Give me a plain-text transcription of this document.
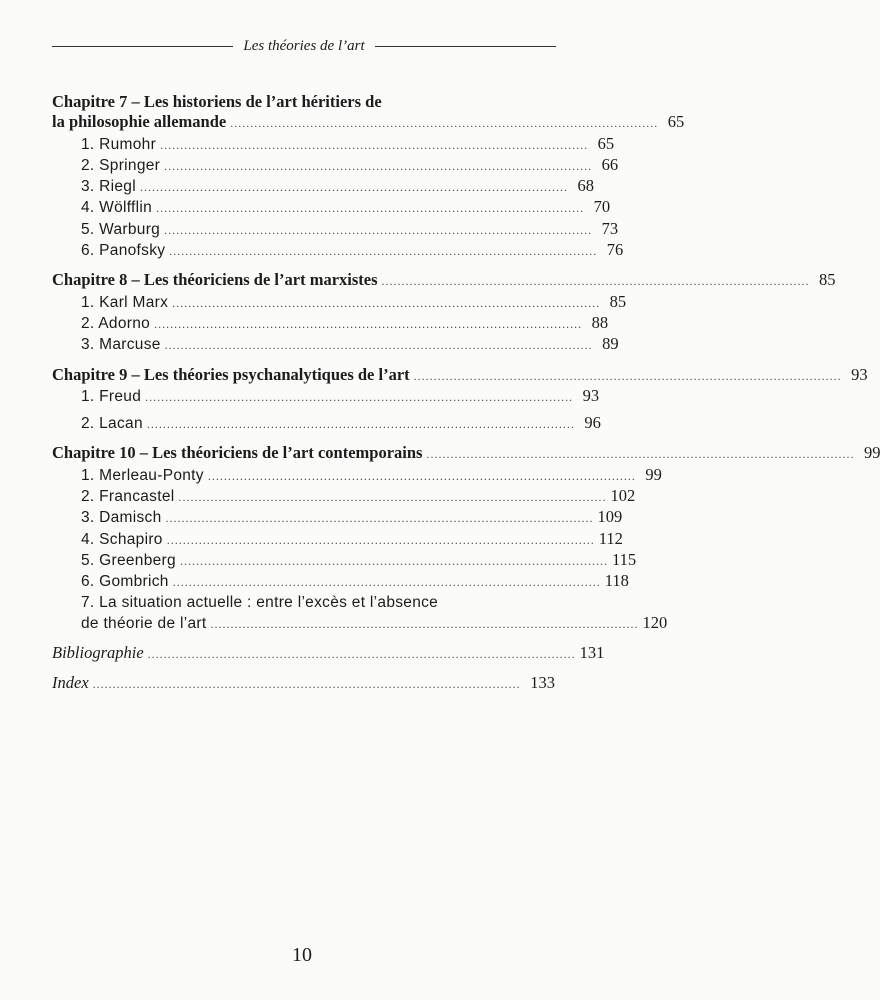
Les théories de l’art
Chapitre 7 – Les historiens de l’art héritiers de
la philosophie allemande ........................................................................................................... 65
1. Rumohr ........................................................................................................... 65
2. Springer ........................................................................................................... 66
3. Riegl ........................................................................................................... 68
4. Wölfflin ........................................................................................................... 70
5. Warburg ........................................................................................................... 73
6. Panofsky ........................................................................................................... 76
Chapitre 8 – Les théoriciens de l’art marxistes ........................................................................................................... 85
1. Karl Marx ........................................................................................................... 85
2. Adorno ........................................................................................................... 88
3. Marcuse ........................................................................................................... 89
Chapitre 9 – Les théories psychanalytiques de l’art ........................................................................................................... 93
1. Freud ........................................................................................................... 93
2. Lacan ........................................................................................................... 96
Chapitre 10 – Les théoriciens de l’art contemporains ........................................................................................................... 99
1. Merleau-Ponty ........................................................................................................... 99
2. Francastel ........................................................................................................... 102
3. Damisch ........................................................................................................... 109
4. Schapiro ........................................................................................................... 112
5. Greenberg ........................................................................................................... 115
6. Gombrich ........................................................................................................... 118
7. La situation actuelle : entre l’excès et l’absence
de théorie de l’art ........................................................................................................... 120
Bibliographie ........................................................................................................... 131
Index ........................................................................................................... 133
10
